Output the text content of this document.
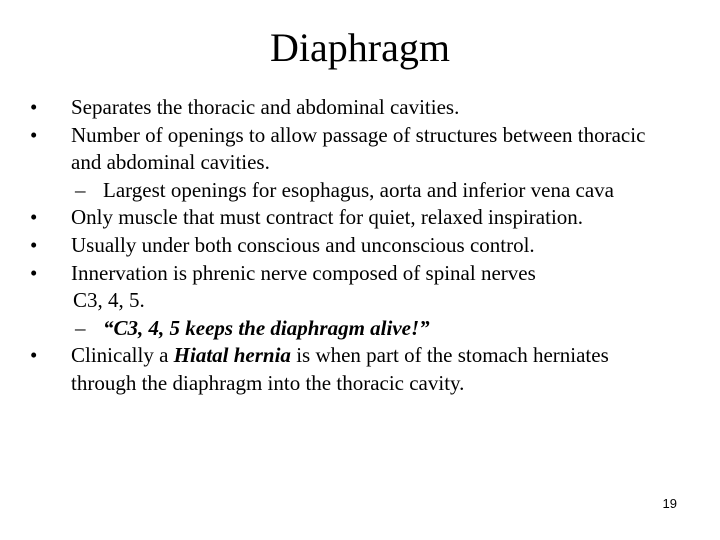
Diaphragm

• Separates the thoracic and abdominal cavities.

• Number of openings to allow passage of structures between thoracic and abdominal cavities.

– Largest openings for esophagus, aorta and inferior vena cava

• Only muscle that must contract for quiet, relaxed inspiration.

• Usually under both conscious and unconscious control.

• Innervation is phrenic nerve composed of spinal nerves

C3, 4, 5.

– “C3, 4, 5 keeps the diaphragm alive!”

• Clinically a Hiatal hernia is when part of the stomach herniates through the diaphragm into the thoracic cavity.

19
